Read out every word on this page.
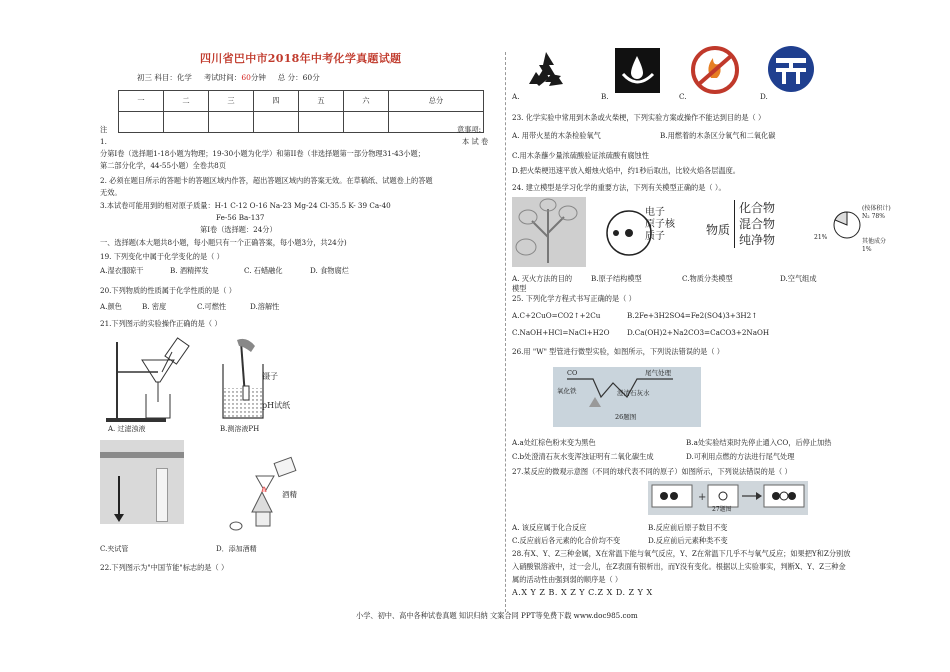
四川省巴中市2018年中考化学真题试题
初三 科目：化学 考试时间：60分钟 总 分：60分
一	二	三	四	五	六	总分

注	意事项:
1.	本 试 卷
分第Ⅰ卷（选择题1-18小题为物理；19-30小题为化学）和第II卷（非选择题第一部分物理31-43小题；
第二部分化学，44-55小题）全卷共8页
2. 必须在题目所示的答题卡的答题区域内作答，超出答题区域内的答案无效。在草稿纸、试题卷上的答题
无效。
3.本试卷可能用到的相对原子质量：H-1 C-12 O-16 Na-23 Mg-24 Cl-35.5 K- 39 Ca-40
Fe-56 Ba-137
第Ⅰ卷（选择题：24分）
一、选择题(本大题共8小题，每小题只有一个正确答案，每小题3分，共24分)
19. 下列变化中属于化学变化的是（ ）
A.湿衣服晾干	B. 酒精挥发	C. 石蜡融化	D. 食物腐烂
20.下列物质的性质属于化学性质的是（ ）
A.颜色	B. 密度	C.可燃性	D.溶解性
21.下列图示的实验操作正确的是（ ）
镊子
pH试纸
A. 过滤浊液	B.测溶液PH
酒精
C.夹试管	D．添加酒精
22.下列图示为"中国节能"标志的是（ ）
A.	B.	C.	D.
23. 化学实验中常用到木条或火柴梗，下列实验方案或操作不能达到目的是（ ）
A. 用带火星的木条检验氧气	B.用燃着的木条区分氧气和二氧化碳
C.用木条蘸少量浓硫酸验证浓硫酸有腐蚀性
D.把火柴梗迅速平放入蜡烛火焰中，约1秒后取出，比较火焰各层温度。
24. 建立模型是学习化学的重要方法，下列有关模型正确的是（ ）。
电子
原子核
质子	物质
化合物
混合物
纯净物
(按体积计)
N₂ 78%
21%
其他成分 1%
A. 灭火方法的目的模型
B.原子结构模型	C.物质分类模型	D.空气组成
25. 下列化学方程式书写正确的是（ ）
A.C+2CuO=CO2↑+2Cu	B.2Fe+3H2SO4=Fe2(SO4)3+3H2↑
C.NaOH+HCl=NaCl+H2O D.Ca(OH)2+Na2CO3=CaCO3+2NaOH
26.用 "W" 型管进行微型实验，如图所示，下列说法错误的是（ ）
CO	尾气处理
氧化铁	澄清石灰水
26题图
A.a处红棕色粉末变为黑色	B.a处实验结束时先停止通入CO，后停止加热
C.b处澄清石灰水变浑浊证明有二氧化碳生成	D.可利用点燃的方法进行尾气处理
27.某反应的微观示意图（不同的球代表不同的原子）如图所示，下列说法错误的是（ ）
+
27题图
A. 该反应属于化合反应	B.反应前后原子数目不变
C.反应前后各元素的化合价均不变	D.反应前后元素种类不变
28.有X、Y、Z三种金属，X在常温下能与氧气反应，Y、Z在常温下几乎不与氧气反应；如果把Y和Z分别放
入硝酸银溶液中，过一会儿，在Z表面有银析出，而Y没有变化。根据以上实验事实，判断X、Y、Z三种金
属的活动性由强到弱的顺序是（ ）
A.X Y Z B. X Z Y C.Z X D. Z Y X
小学、初中、高中各种试卷真题 知识归纳 文案合同 PPT等免费下载 www.doc985.com
